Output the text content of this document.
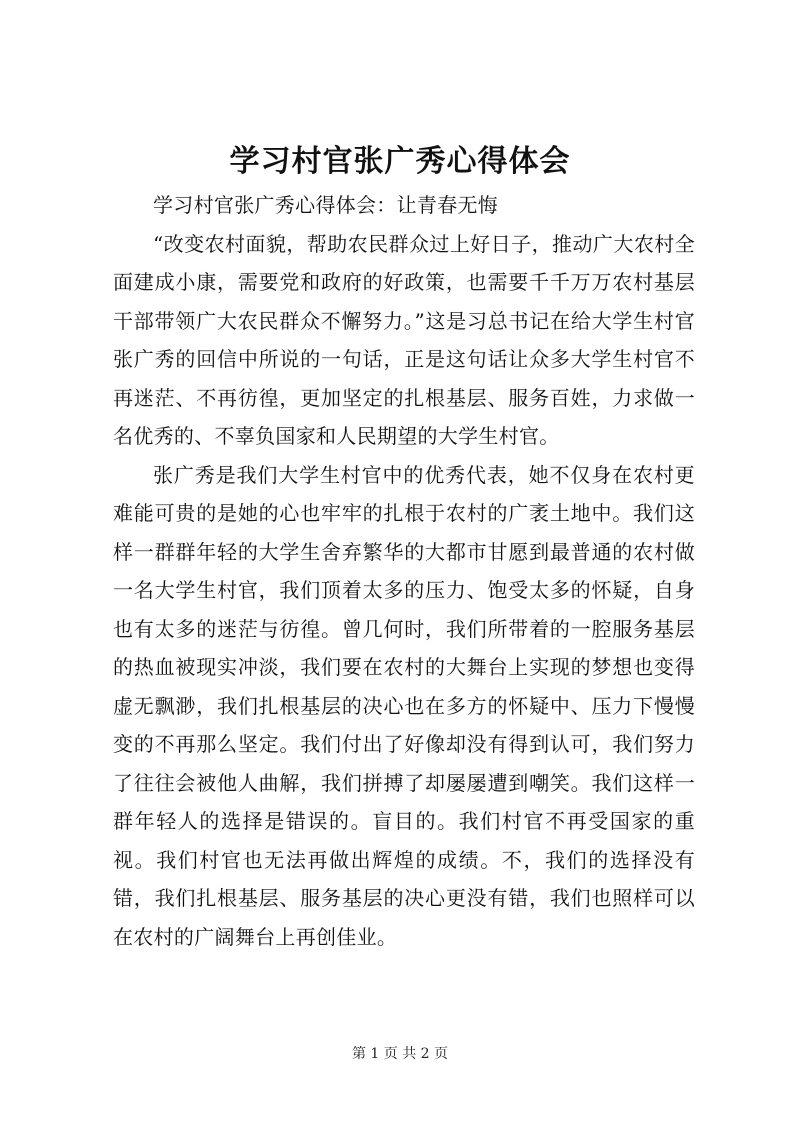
学习村官张广秀心得体会

学习村官张广秀心得体会：让青春无悔

“改变农村面貌，帮助农民群众过上好日子，推动广大农村全面建成小康，需要党和政府的好政策，也需要千千万万农村基层干部带领广大农民群众不懈努力。”这是习总书记在给大学生村官张广秀的回信中所说的一句话，正是这句话让众多大学生村官不再迷茫、不再彷徨，更加坚定的扎根基层、服务百姓，力求做一名优秀的、不辜负国家和人民期望的大学生村官。

张广秀是我们大学生村官中的优秀代表，她不仅身在农村更难能可贵的是她的心也牢牢的扎根于农村的广袤土地中。我们这样一群群年轻的大学生舍弃繁华的大都市甘愿到最普通的农村做一名大学生村官，我们顶着太多的压力、饱受太多的怀疑，自身也有太多的迷茫与彷徨。曾几何时，我们所带着的一腔服务基层的热血被现实冲淡，我们要在农村的大舞台上实现的梦想也变得虚无飘渺，我们扎根基层的决心也在多方的怀疑中、压力下慢慢变的不再那么坚定。我们付出了好像却没有得到认可，我们努力了往往会被他人曲解，我们拼搏了却屡屡遭到嘲笑。我们这样一群年轻人的选择是错误的。盲目的。我们村官不再受国家的重视。我们村官也无法再做出辉煌的成绩。不，我们的选择没有错，我们扎根基层、服务基层的决心更没有错，我们也照样可以在农村的广阔舞台上再创佳业。

第 1 页 共 2 页
